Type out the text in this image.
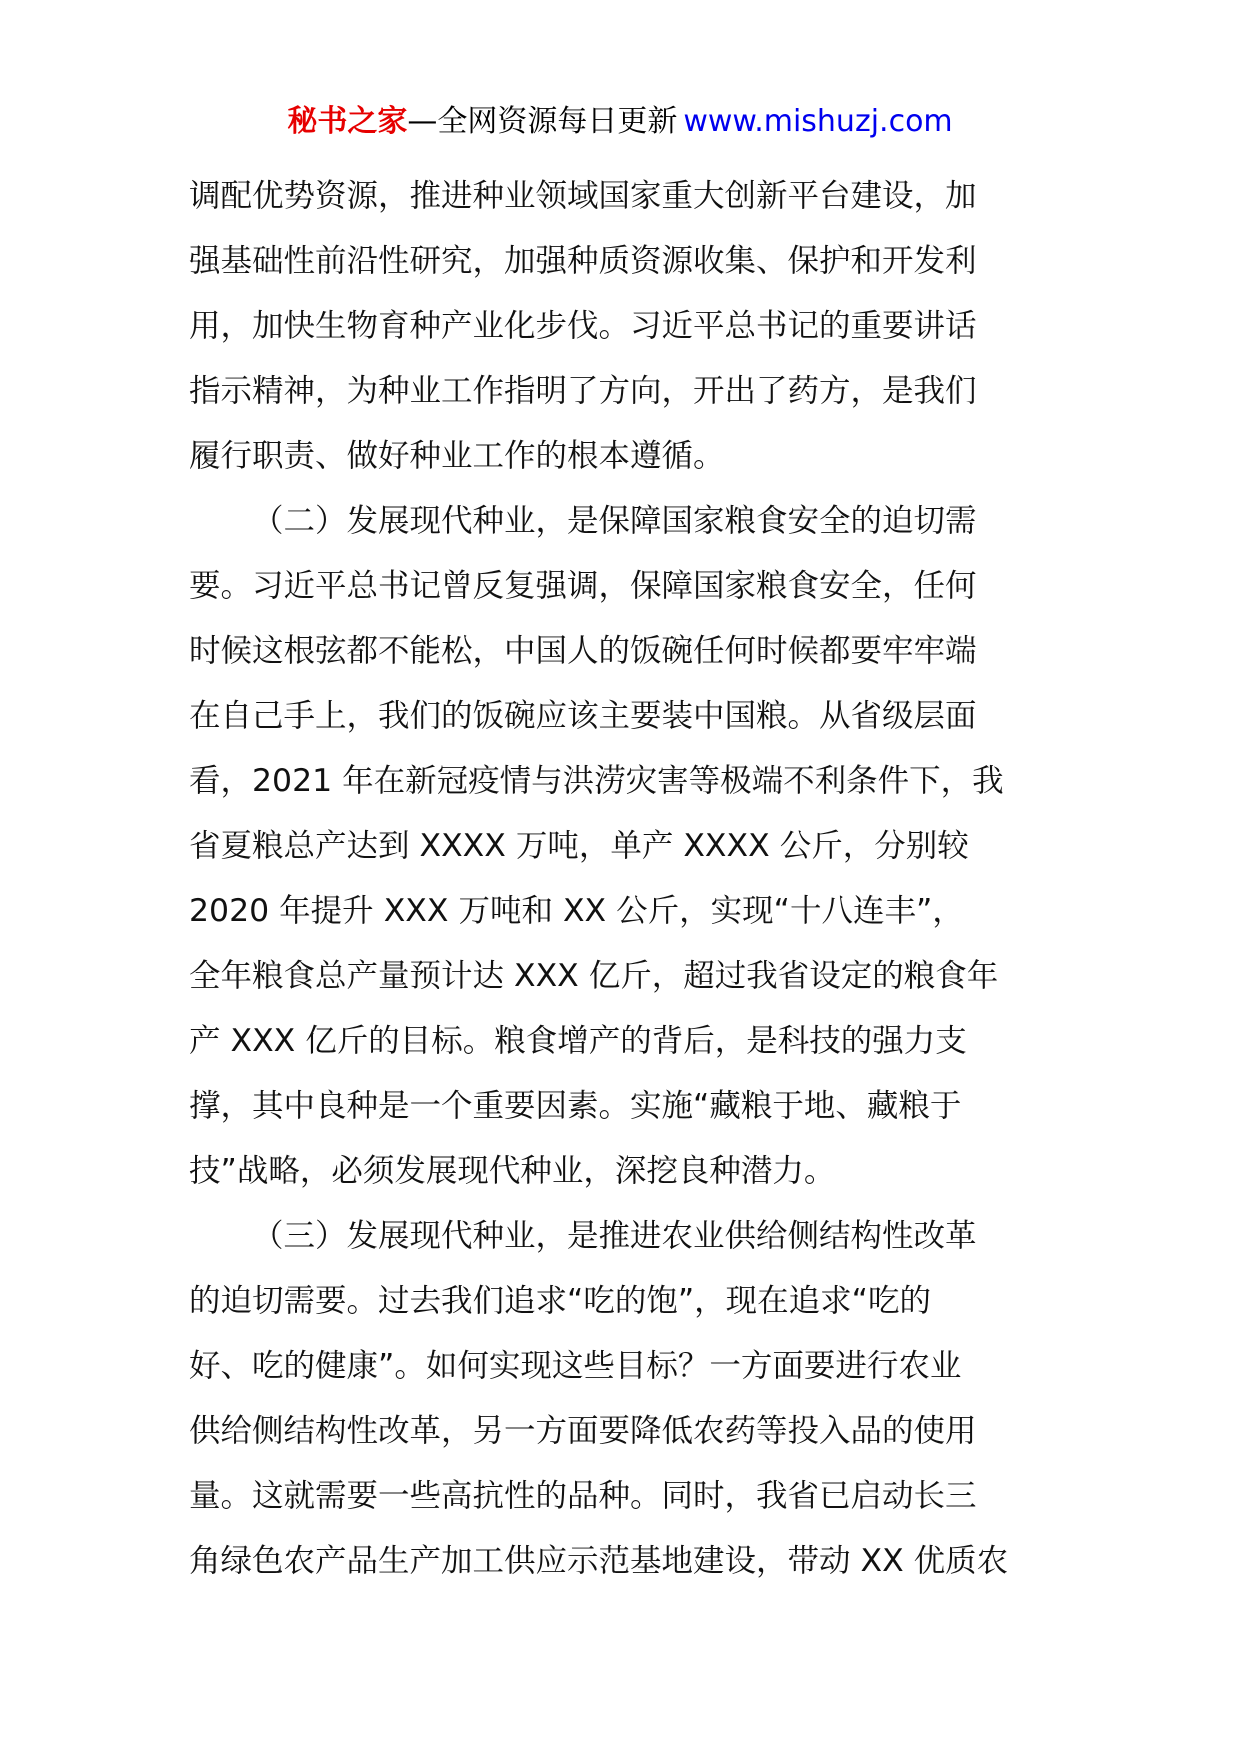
秘书之家—全网资源每日更新 www.mishuzj.com
调配优势资源，推进种业领域国家重大创新平台建设，加
强基础性前沿性研究，加强种质资源收集、保护和开发利
用，加快生物育种产业化步伐。习近平总书记的重要讲话
指示精神，为种业工作指明了方向，开出了药方，是我们
履行职责、做好种业工作的根本遵循。
（二）发展现代种业，是保障国家粮食安全的迫切需
要。习近平总书记曾反复强调，保障国家粮食安全，任何
时候这根弦都不能松，中国人的饭碗任何时候都要牢牢端
在自己手上，我们的饭碗应该主要装中国粮。从省级层面
看，2021 年在新冠疫情与洪涝灾害等极端不利条件下，我
省夏粮总产达到 XXXX 万吨，单产 XXXX 公斤，分别较
2020 年提升 XXX 万吨和 XX 公斤，实现“十八连丰”，
全年粮食总产量预计达 XXX 亿斤，超过我省设定的粮食年
产 XXX 亿斤的目标。粮食增产的背后，是科技的强力支
撑，其中良种是一个重要因素。实施“藏粮于地、藏粮于
技”战略，必须发展现代种业，深挖良种潜力。
（三）发展现代种业，是推进农业供给侧结构性改革
的迫切需要。过去我们追求“吃的饱”，现在追求“吃的
好、吃的健康”。如何实现这些目标？一方面要进行农业
供给侧结构性改革，另一方面要降低农药等投入品的使用
量。这就需要一些高抗性的品种。同时，我省已启动长三
角绿色农产品生产加工供应示范基地建设，带动 XX 优质农
